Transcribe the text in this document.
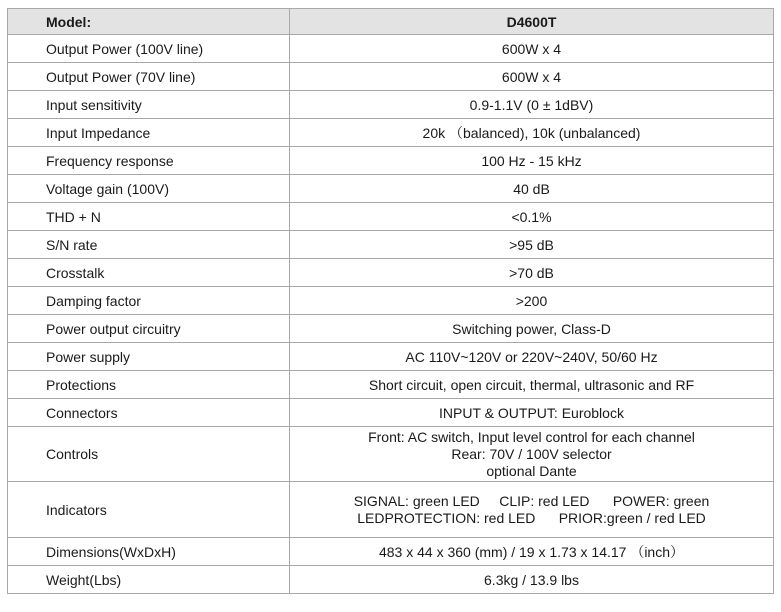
Model:	D4600T
Output Power (100V line)	600W x 4
Output Power (70V line)	600W x 4
Input sensitivity	0.9-1.1V (0 ± 1dBV)
Input Impedance	20k （balanced), 10k (unbalanced)
Frequency response	100 Hz - 15 kHz
Voltage gain (100V)	40 dB
THD + N	<0.1%
S/N rate	>95 dB
Crosstalk	>70 dB
Damping factor	>200
Power output circuitry	Switching power, Class-D
Power supply	AC 110V~120V or 220V~240V, 50/60 Hz
Protections	Short circuit, open circuit, thermal, ultrasonic and RF
Connectors	INPUT & OUTPUT: Euroblock
Controls	Front: AC switch, Input level control for each channel
Rear: 70V / 100V selector
optional Dante

Indicators	SIGNAL: green LED     CLIP: red LED      POWER: green
LEDPROTECTION: red LED      PRIOR:green / red LED

Dimensions(WxDxH)	483 x 44 x 360 (mm) / 19 x 1.73 x 14.17 （inch）
Weight(Lbs)	6.3kg / 13.9 lbs
